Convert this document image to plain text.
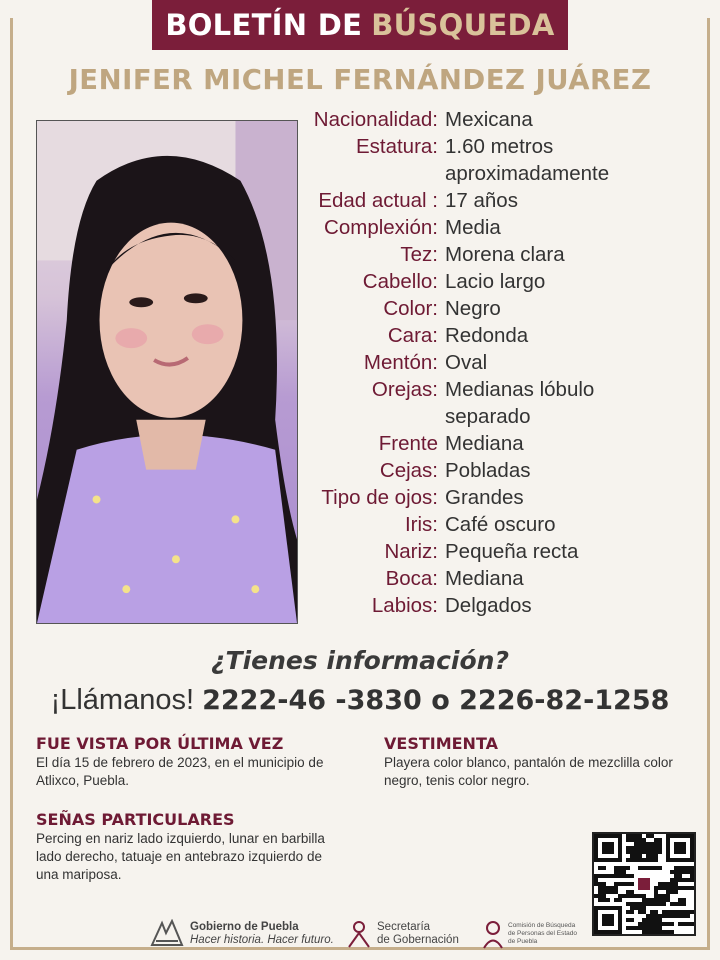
BOLETÍN DE BÚSQUEDA
JENIFER MICHEL FERNÁNDEZ JUÁREZ
Nacionalidad: Mexicana
Estatura: 1.60 metros
aproximadamente
Edad actual : 17 años
Complexión: Media
Tez: Morena clara
Cabello: Lacio largo
Color: Negro
Cara: Redonda
Mentón: Oval
Orejas: Medianas lóbulo
separado
Frente Mediana
Cejas: Pobladas
Tipo de ojos: Grandes
Iris: Café oscuro
Nariz: Pequeña recta
Boca: Mediana
Labios: Delgados
¿Tienes información?
¡Llámanos! 2222-46 -3830 o 2226-82-1258
FUE VISTA POR ÚLTIMA VEZ
El día 15 de febrero de 2023, en el municipio de Atlixco, Puebla.
VESTIMENTA
Playera color blanco, pantalón de mezclilla color negro, tenis color negro.
SEÑAS PARTICULARES
Percing en nariz lado izquierdo, lunar en barbilla lado derecho, tatuaje en antebrazo izquierdo de una mariposa.
Gobierno de Puebla
Hacer historia. Hacer futuro.
Secretaría
de Gobernación
Comisión de Búsqueda
de Personas del Estado
de Puebla
